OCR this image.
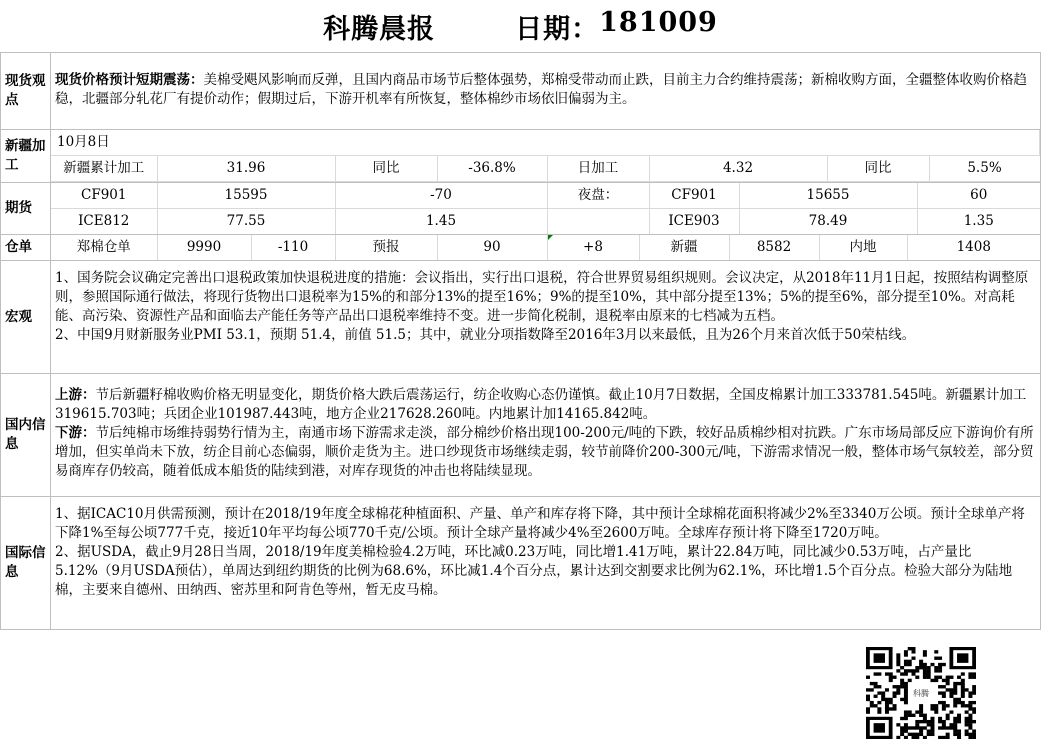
科腾晨报	日期： 181009
现货观点	
现货价格预计短期震荡：美棉受飓风影响而反弹，且国内商品市场节后整体强势，郑棉受带动而止跌，目前主力合约维持震荡；新棉收购方面，全疆整体收购价格趋稳，北疆部分轧花厂有提价动作；假期过后，下游开机率有所恢复，整体棉纱市场依旧偏弱为主。

新疆加工	
10月8日
新疆累计加工	31.96	同比	-36.8%	日加工	4.32	同比	5.5%

期货	
CF901	15595	-70	夜盘：	CF901	15655	60
ICE812	77.55	1.45		ICE903	78.49	1.35

仓单		郑棉仓单	9990	-110	预报	90	+8	新疆	8582	内地	1408

宏观	

1、国务院会议确定完善出口退税政策加快退税进度的措施：会议指出，实行出口退税，符合世界贸易组织规则。会议决定，从2018年11月1日起，按照结构调整原则，参照国际通行做法，将现行货物出口退税率为15%的和部分13%的提至16%；9%的提至10%，其中部分提至13%；5%的提至6%，部分提至10%。对高耗能、高污染、资源性产品和面临去产能任务等产品出口退税率维持不变。进一步简化税制，退税率由原来的七档减为五档。

2、中国9月财新服务业PMI 53.1，预期 51.4，前值 51.5；其中，就业分项指数降至2016年3月以来最低，且为26个月来首次低于50荣枯线。

国内信息	

上游：节后新疆籽棉收购价格无明显变化，期货价格大跌后震荡运行，纺企收购心态仍谨慎。截止10月7日数据，全国皮棉累计加工333781.545吨。新疆累计加工319615.703吨；兵团企业101987.443吨，地方企业217628.260吨。内地累计加14165.842吨。

下游：节后纯棉市场维持弱势行情为主，南通市场下游需求走淡，部分棉纱价格出现100-200元/吨的下跌，较好品质棉纱相对抗跌。广东市场局部反应下游询价有所增加，但实单尚未下放，纺企目前心态偏弱，顺价走货为主。进口纱现货市场继续走弱，较节前降价200-300元/吨，下游需求情况一般，整体市场气氛较差，部分贸易商库存仍较高，随着低成本船货的陆续到港，对库存现货的冲击也将陆续显现。

国际信息	

1、据ICAC10月供需预测，预计在2018/19年度全球棉花种植面积、产量、单产和库存将下降，其中预计全球棉花面积将减少2%至3340万公顷。预计全球单产将下降1%至每公顷777千克，接近10年平均每公顷770千克/公顷。预计全球产量将减少4%至2600万吨。全球库存预计将下降至1720万吨。

2、据USDA，截止9月28日当周，2018/19年度美棉检验4.2万吨，环比减0.23万吨，同比增1.41万吨，累计22.84万吨，同比减少0.53万吨，占产量比5.12%（9月USDA预估），单周达到纽约期货的比例为68.6%，环比减1.4个百分点，累计达到交割要求比例为62.1%，环比增1.5个百分点。检验大部分为陆地棉，主要来自德州、田纳西、密苏里和阿肯色等州，暂无皮马棉。

科腾
